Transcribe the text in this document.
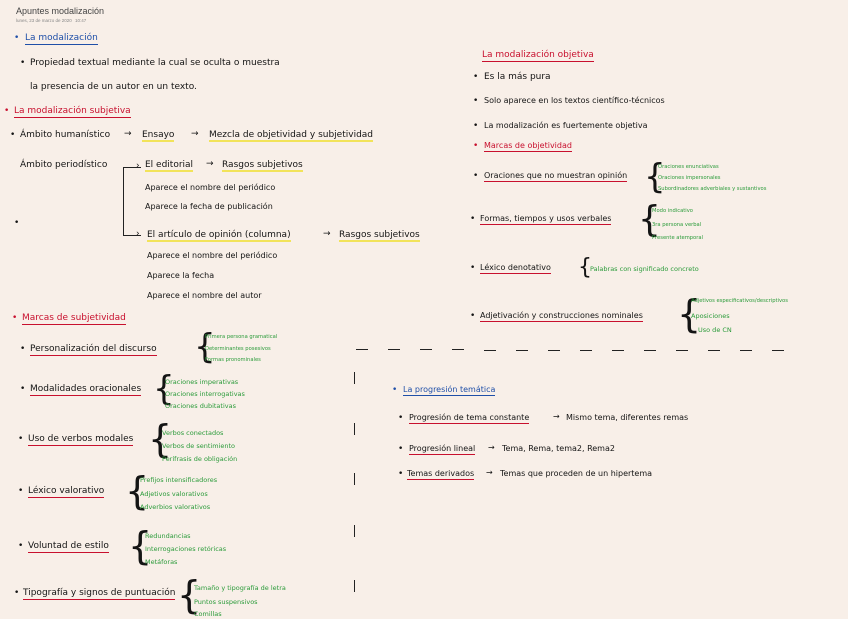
Apuntes modalización
lunes, 23 de marzo de 2020 10:47
• La modalización
• Propiedad textual mediante la cual se oculta o muestra
la presencia de un autor en un texto.
• La modalización subjetiva
• Ámbito humanístico → Ensayo → Mezcla de objetividad y subjetividad
Ámbito periodístico	› El editorial → Rasgos subjetivos
Aparece el nombre del periódico
Aparece la fecha de publicación
•
› El artículo de opinión (columna)	→ Rasgos subjetivos
Aparece el nombre del periódico
Aparece la fecha
Aparece el nombre del autor
• Marcas de subjetividad
• Personalización del discurso {
Primera persona gramatical
Determinantes posesivos
Formas pronominales
• Modalidades oracionales {
Oraciones imperativas
Oraciones interrogativas
Oraciones dubitativas
• Uso de verbos modales {
Verbos conectados
Verbos de sentimiento
Perífrasis de obligación
• Léxico valorativo {
Prefijos intensificadores
Adjetivos valorativos
Adverbios valorativos
• Voluntad de estilo {
Redundancias
Interrogaciones retóricas
Metáforas
• Tipografía y signos de puntuación {
Tamaño y tipografía de letra
Puntos suspensivos
Comillas
La modalización objetiva
• Es la más pura
• Solo aparece en los textos científico-técnicos
• La modalización es fuertemente objetiva
• Marcas de objetividad
• Oraciones que no muestran opinión {
Oraciones enunciativas
Oraciones impersonales
Subordinadores adverbiales y sustantivos
• Formas, tiempos y usos verbales {
Modo indicativo
3ra persona verbal
Presente atemporal
• Léxico denotativo {
Palabras con significado concreto
• Adjetivación y construcciones nominales {
Adjetivos especificativos/descriptivos
Aposiciones
Uso de CN
• La progresión temática
• Progresión de tema constante	→ Mismo tema, diferentes remas
• Progresión lineal → Tema, Rema, tema2, Rema2
• Temas derivados → Temas que proceden de un hipertema
